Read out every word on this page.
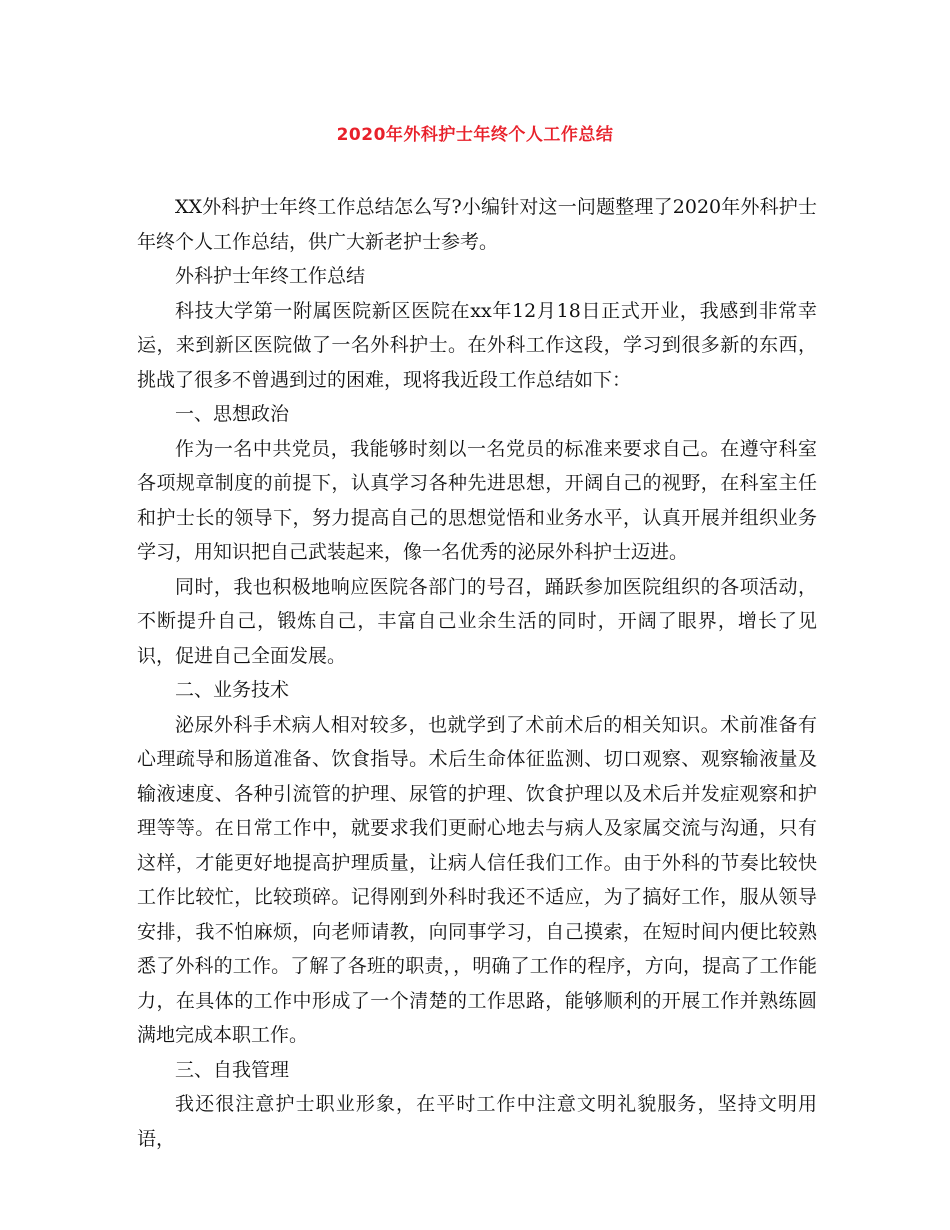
2020年外科护士年终个人工作总结

XX外科护士年终工作总结怎么写?小编针对这一问题整理了2020年外科护士年终个人工作总结，供广大新老护士参考。

外科护士年终工作总结

科技大学第一附属医院新区医院在xx年12月18日正式开业，我感到非常幸运，来到新区医院做了一名外科护士。在外科工作这段，学习到很多新的东西，挑战了很多不曾遇到过的困难，现将我近段工作总结如下：

一、思想政治

作为一名中共党员，我能够时刻以一名党员的标准来要求自己。在遵守科室各项规章制度的前提下，认真学习各种先进思想，开阔自己的视野，在科室主任和护士长的领导下，努力提高自己的思想觉悟和业务水平，认真开展并组织业务学习，用知识把自己武装起来，像一名优秀的泌尿外科护士迈进。

同时，我也积极地响应医院各部门的号召，踊跃参加医院组织的各项活动，不断提升自己，锻炼自己，丰富自己业余生活的同时，开阔了眼界，增长了见识，促进自己全面发展。

二、业务技术

泌尿外科手术病人相对较多，也就学到了术前术后的相关知识。术前准备有心理疏导和肠道准备、饮食指导。术后生命体征监测、切口观察、观察输液量及输液速度、各种引流管的护理、尿管的护理、饮食护理以及术后并发症观察和护理等等。在日常工作中，就要求我们更耐心地去与病人及家属交流与沟通，只有这样，才能更好地提高护理质量，让病人信任我们工作。由于外科的节奏比较快工作比较忙，比较琐碎。记得刚到外科时我还不适应，为了搞好工作，服从领导安排，我不怕麻烦，向老师请教，向同事学习，自己摸索，在短时间内便比较熟悉了外科的工作。了解了各班的职责，，明确了工作的程序，方向，提高了工作能力，在具体的工作中形成了一个清楚的工作思路，能够顺利的开展工作并熟练圆满地完成本职工作。

三、自我管理

我还很注意护士职业形象，在平时工作中注意文明礼貌服务，坚持文明用语，
